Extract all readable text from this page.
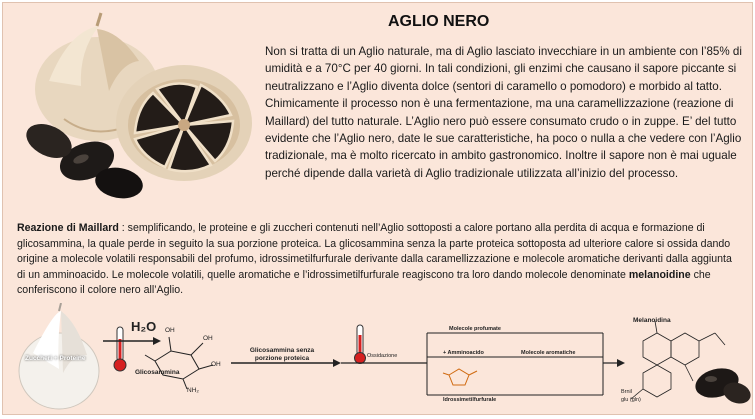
AGLIO NERO
Non si tratta di un Aglio naturale, ma di Aglio lasciato invecchiare in un ambiente con l’85% di umidità e a 70°C per 40 giorni. In tali condizioni, gli enzimi che causano il sapore piccante si neutralizzano e l’Aglio diventa dolce (sentori di caramello o pomodoro) e morbido al tatto. Chimicamente il processo non è una fermentazione, ma una caramellizzazione (reazione di Maillard) del tutto naturale. L’Aglio nero può essere consumato crudo o in zuppe. E’ del tutto evidente che l’Aglio nero, date le sue caratteristiche, ha poco o nulla a che vedere con l’Aglio tradizionale, ma è molto ricercato in ambito gastronomico. Inoltre il sapore non è mai uguale perché dipende dalla varietà di Aglio tradizionale utilizzata all’inizio del processo.
Reazione di Maillard : semplificando, le proteine e gli zuccheri contenuti nell’Aglio sottoposti a calore portano alla perdita di acqua e formazione di glicosammina, la quale perde in seguito la sua porzione proteica. La glicosammina senza la parte proteica sottoposta ad ulteriore calore si ossida dando origine a molecole volatili responsabili del profumo, idrossimetilfurfurale derivante dalla caramellizzazione e molecole aromatiche derivanti dalla aggiunta di un amminoacido. Le molecole volatili, quelle aromatiche e l’idrossimetilfurfurale reagiscono tra loro dando molecole denominate melanoidine che conferiscono il colore nero all’Aglio.
Zuccheri + Proteine
H₂O OH
OH
OH
NH₂
Glicosammina
Glicosammina senza porzione proteica	Ossidazione
Molecole profumate
+ Amminoacido	Molecole aromatiche
Idrossimetilfurfurale
Melanoidina
Brnil
glu (gln)
